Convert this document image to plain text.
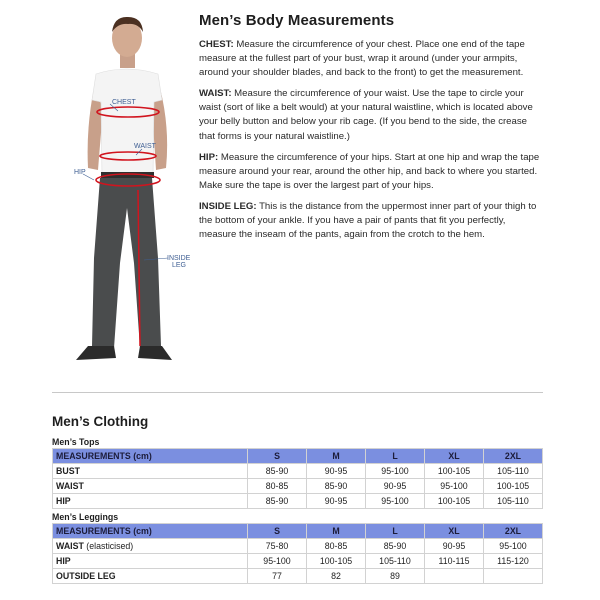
CHEST
WAIST
HIP
INSIDE
LEG
Men’s Body Measurements

CHEST: Measure the circumference of your chest. Place one end of the tape measure at the fullest part of your bust, wrap it around (under your armpits, around your shoulder blades, and back to the front) to get the measurement.

WAIST: Measure the circumference of your waist. Use the tape to circle your waist (sort of like a belt would) at your natural waistline, which is located above your belly button and below your rib cage. (If you bend to the side, the crease that forms is your natural waistline.)

HIP: Measure the circumference of your hips. Start at one hip and wrap the tape measure around your rear, around the other hip, and back to where you started. Make sure the tape is over the largest part of your hips.

INSIDE LEG: This is the distance from the uppermost inner part of your thigh to the bottom of your ankle. If you have a pair of pants that fit you perfectly, measure the inseam of the pants, again from the crotch to the hem.

Men’s Clothing

Men’s Tops

MEASUREMENTS (cm)	S	M	L	XL	2XL
BUST	85-90	90-95	95-100	100-105	105-110
WAIST	80-85	85-90	90-95	95-100	100-105
HIP	85-90	90-95	95-100	100-105	105-110

Men’s Leggings

MEASUREMENTS (cm)	S	M	L	XL	2XL
WAIST (elasticised)	75-80	80-85	85-90	90-95	95-100
HIP	95-100	100-105	105-110	110-115	115-120
OUTSIDE LEG	77	82	89		
